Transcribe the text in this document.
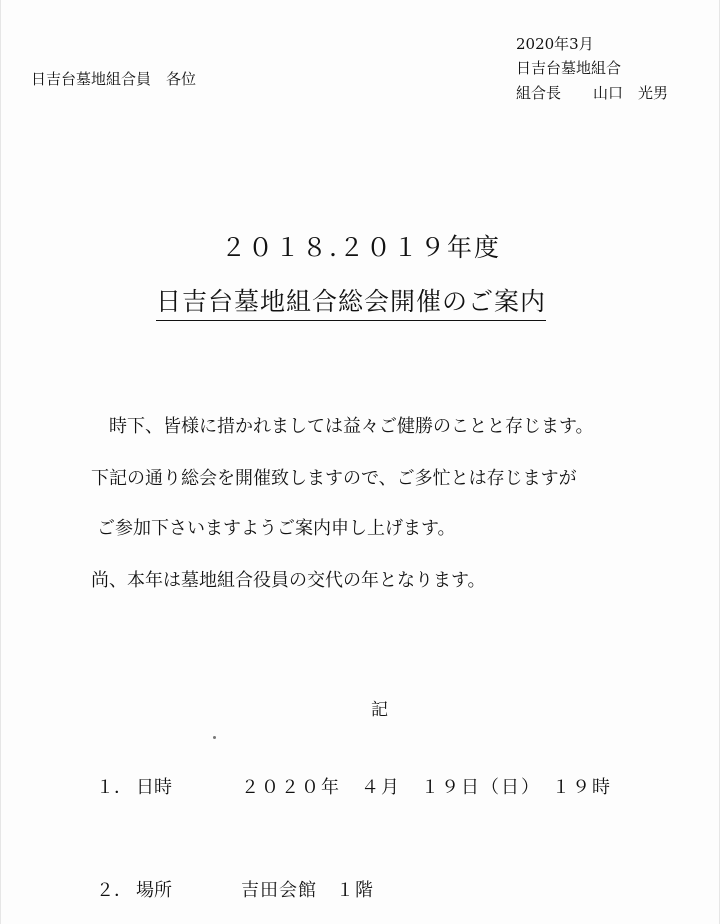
日吉台墓地組合員　各位
2020年3月
日吉台墓地組合
組合長 山口　光男
２０１８.２０１９年度
日吉台墓地組合総会開催のご案内
時下、皆様に措かれましては益々ご健勝のことと存じます。
下記の通り総会を開催致しますので、ご多忙とは存じますが
ご参加下さいますようご案内申し上げます。
尚、本年は墓地組合役員の交代の年となります。
記
１． 日時	２０２０年　４月　１９日（日）　１９時
２． 場所	吉田会館　１階
